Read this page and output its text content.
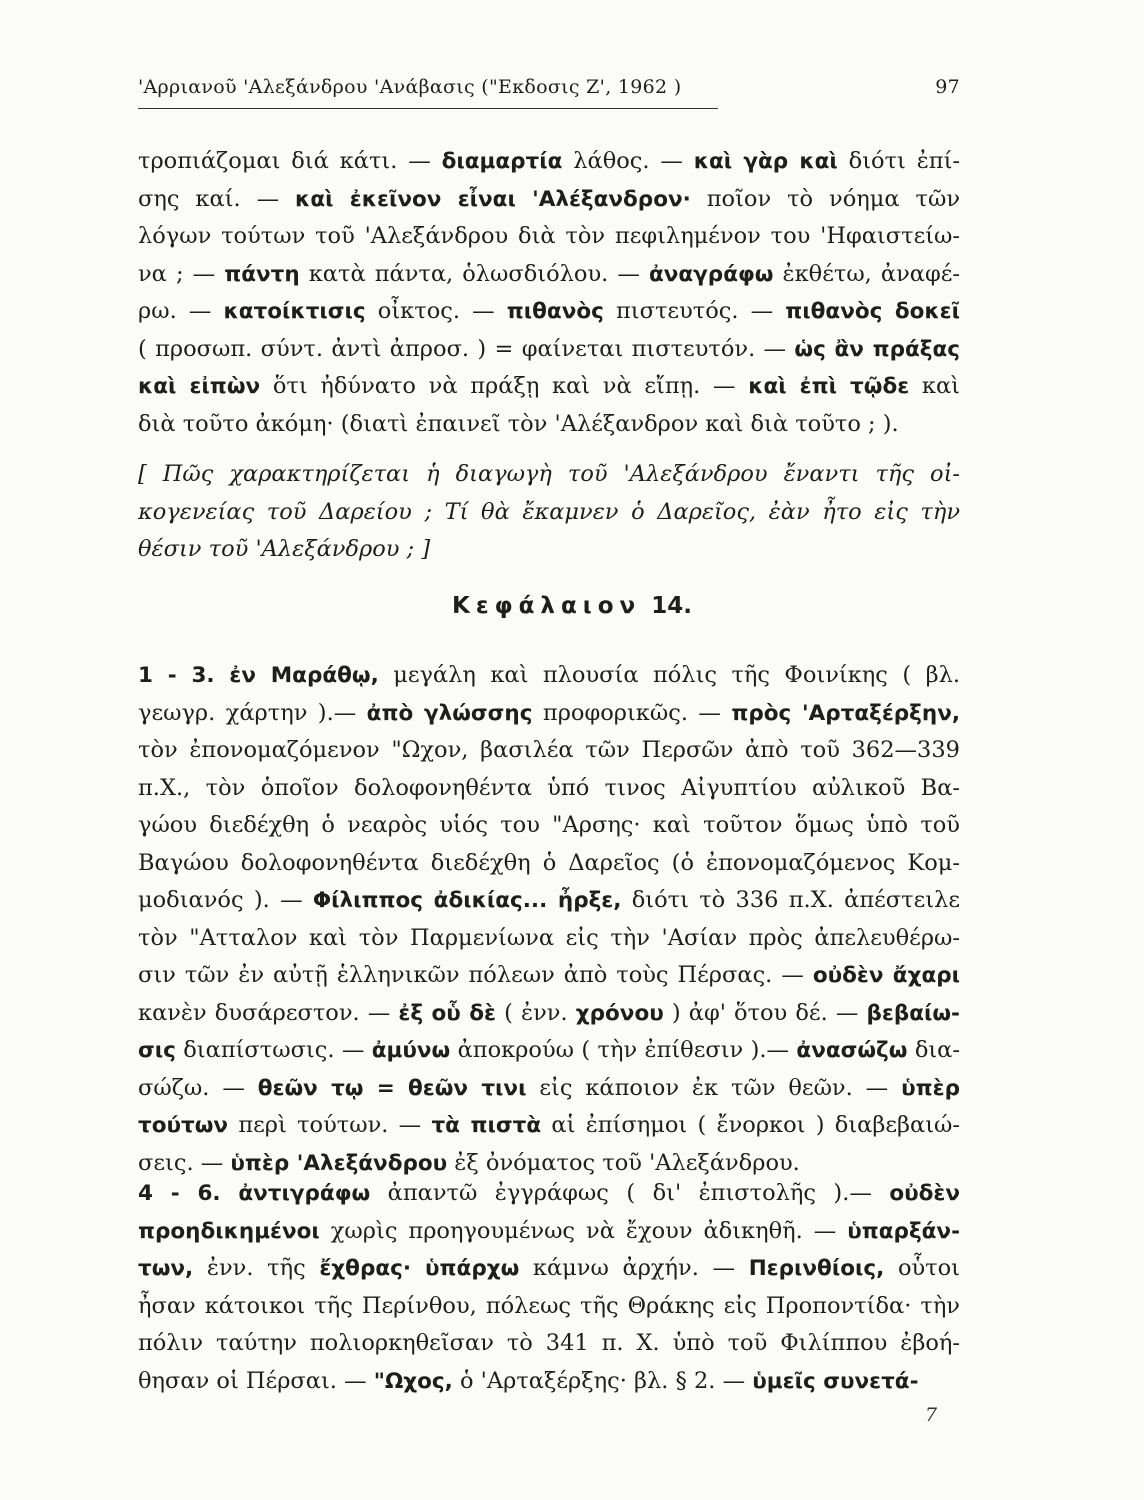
'Αρριανοῦ 'Αλεξάνδρου 'Ανάβασις ("Εκδοσις Ζ', 1962 )	97
τροπιάζομαι διά κάτι. — διαμαρτία λάθος. — καὶ γὰρ καὶ διότι ἐπί-
σης καί. — καὶ ἐκεῖνον εἶναι 'Αλέξανδρον· ποῖον τὸ νόημα τῶν
λόγων τούτων τοῦ 'Αλεξάνδρου διὰ τὸν πεφιλημένον του 'Ηφαιστείω-
να ; — πάντη κατὰ πάντα, ὁλωσδιόλου. — ἀναγράφω ἐκθέτω, ἀναφέ-
ρω. — κατοίκτισις οἶκτος. — πιθανὸς πιστευτός. — πιθανὸς δοκεῖ
( προσωπ. σύντ. ἀντὶ ἀπροσ. ) = φαίνεται πιστευτόν. — ὡς ἂν πράξας
καὶ εἰπὼν ὅτι ἠδύνατο νὰ πράξῃ καὶ νὰ εἴπῃ. — καὶ ἐπὶ τῷδε καὶ
διὰ τοῦτο ἀκόμη· (διατὶ ἐπαινεῖ τὸν 'Αλέξανδρον καὶ διὰ τοῦτο ; ).
[ Πῶς χαρακτηρίζεται ἡ διαγωγὴ τοῦ 'Αλεξάνδρου ἔναντι τῆς οἰ-
κογενείας τοῦ Δαρείου ; Τί θὰ ἔκαμνεν ὁ Δαρεῖος, ἐὰν ἦτο εἰς τὴν
θέσιν τοῦ 'Αλεξάνδρου ; ]
Κεφάλαιον 14.
1 - 3. ἐν Μαράθῳ, μεγάλη καὶ πλουσία πόλις τῆς Φοινίκης ( βλ.
γεωγρ. χάρτην ).— ἀπὸ γλώσσης προφορικῶς. — πρὸς 'Αρταξέρξην,
τὸν ἐπονομαζόμενον "Ωχον, βασιλέα τῶν Περσῶν ἀπὸ τοῦ 362—339
π.Χ., τὸν ὁποῖον δολοφονηθέντα ὑπό τινος Αἰγυπτίου αὐλικοῦ Βα-
γώου διεδέχθη ὁ νεαρὸς υἱός του "Αρσης· καὶ τοῦτον ὅμως ὑπὸ τοῦ
Βαγώου δολοφονηθέντα διεδέχθη ὁ Δαρεῖος (ὁ ἐπονομαζόμενος Κομ-
μοδιανός ). — Φίλιππος ἀδικίας... ἦρξε, διότι τὸ 336 π.Χ. ἀπέστειλε
τὸν "Ατταλον καὶ τὸν Παρμενίωνα εἰς τὴν 'Ασίαν πρὸς ἀπελευθέρω-
σιν τῶν ἐν αὐτῇ ἑλληνικῶν πόλεων ἀπὸ τοὺς Πέρσας. — οὐδὲν ἄχαρι
κανὲν δυσάρεστον. — ἐξ οὗ δὲ ( ἐνν. χρόνου ) ἀφ' ὅτου δέ. — βεβαίω-
σις διαπίστωσις. — ἀμύνω ἀποκρούω ( τὴν ἐπίθεσιν ).— ἀνασώζω δια-
σώζω. — θεῶν τῳ = θεῶν τινι εἰς κάποιον ἐκ τῶν θεῶν. — ὑπὲρ
τούτων περὶ τούτων. — τὰ πιστὰ αἱ ἐπίσημοι ( ἔνορκοι ) διαβεβαιώ-
σεις. — ὑπὲρ 'Αλεξάνδρου ἐξ ὀνόματος τοῦ 'Αλεξάνδρου.
4 - 6. ἀντιγράφω ἀπαντῶ ἐγγράφως ( δι' ἐπιστολῆς ).— οὐδὲν
προηδικημένοι χωρὶς προηγουμένως νὰ ἔχουν ἀδικηθῆ. — ὑπαρξάν-
των, ἐνν. τῆς ἔχθρας· ὑπάρχω κάμνω ἀρχήν. — Περινθίοις, οὗτοι
ἦσαν κάτοικοι τῆς Περίνθου, πόλεως τῆς Θράκης εἰς Προποντίδα· τὴν
πόλιν ταύτην πολιορκηθεῖσαν τὸ 341 π. Χ. ὑπὸ τοῦ Φιλίππου ἐβοή-
θησαν οἱ Πέρσαι. — "Ωχος, ὁ 'Αρταξέρξης· βλ. § 2. — ὑμεῖς συνετά-
7
